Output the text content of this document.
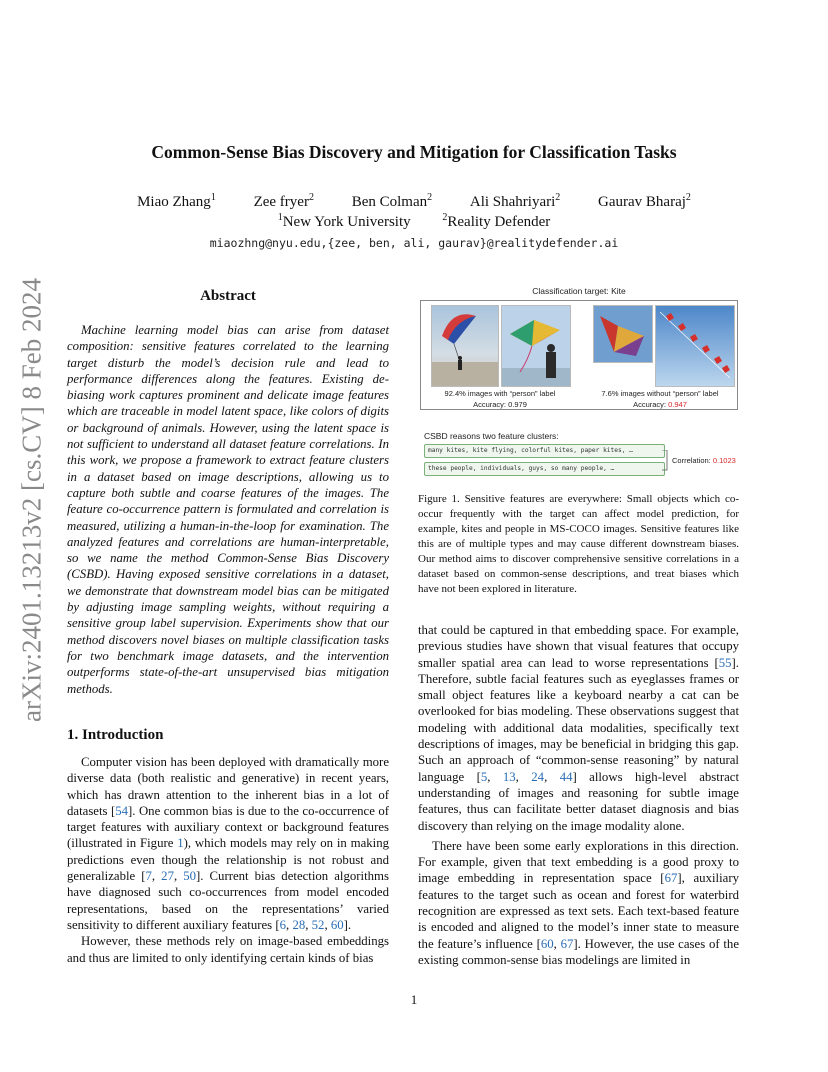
Common-Sense Bias Discovery and Mitigation for Classification Tasks
Miao Zhang$^1$	Zee fryer$^2$	Ben Colman$^2$	Ali Shahriyari$^2$	Gaurav Bharaj$^2$
$^1$New York University	$^2$Reality Defender
miaozhng@nyu.edu,{zee, ben, ali, gaurav}@realitydefender.ai
arXiv:2401.13213v2 [cs.CV] 8 Feb 2024	Abstract
Machine learning model bias can arise from dataset composition: sensitive features correlated to the learning target disturb the model’s decision rule and lead to performance differences along the features. Existing de-biasing work captures prominent and delicate image features which are traceable in model latent space, like colors of digits or background of animals. However, using the latent space is not sufficient to understand all dataset feature correlations. In this work, we propose a framework to extract feature clusters in a dataset based on image descriptions, allowing us to capture both subtle and coarse features of the images. The feature co-occurrence pattern is formulated and correlation is measured, utilizing a human-in-the-loop for examination. The analyzed features and correlations are human-interpretable, so we name the method Common-Sense Bias Discovery (CSBD). Having exposed sensitive correlations in a dataset, we demonstrate that downstream model bias can be mitigated by adjusting image sampling weights, without requiring a sensitive group label supervision. Experiments show that our method discovers novel biases on multiple classification tasks for two benchmark image datasets, and the intervention outperforms state-of-the-art unsupervised bias mitigation methods.
1. Introduction

Computer vision has been deployed with dramatically more diverse data (both realistic and generative) in recent years, which has drawn attention to the inherent bias in a lot of datasets [54]. One common bias is due to the co-occurrence of target features with auxiliary context or background features (illustrated in Figure 1), which models may rely on in making predictions even though the relationship is not robust and generalizable [7, 27, 50]. Current bias detection algorithms have diagnosed such co-occurrences from model encoded representations, based on the representations’ varied sensitivity to different auxiliary features [6, 28, 52, 60].

However, these methods rely on image-based embeddings and thus are limited to only identifying certain kinds of bias

Classification target: Kite
92.4% images with “person” label
Accuracy: 0.979
7.6% images without “person” label
Accuracy: 0.947
CSBD reasons two feature clusters:
many kites, kite flying, colorful kites, paper kites, …
these people, individuals, guys, so many people, …
Correlation: 0.1023
Figure 1. Sensitive features are everywhere: Small objects which co-occur frequently with the target can affect model prediction, for example, kites and people in MS-COCO images. Sensitive features like this are of multiple types and may cause different downstream biases. Our method aims to discover comprehensive sensitive correlations in a dataset based on common-sense descriptions, and treat biases which have not been explored in literature.

that could be captured in that embedding space. For example, previous studies have shown that visual features that occupy smaller spatial area can lead to worse representations [55]. Therefore, subtle facial features such as eyeglasses frames or small object features like a keyboard nearby a cat can be overlooked for bias modeling. These observations suggest that modeling with additional data modalities, specifically text descriptions of images, may be beneficial in bridging this gap. Such an approach of “common-sense reasoning” by natural language [5, 13, 24, 44] allows high-level abstract understanding of images and reasoning for subtle image features, thus can facilitate better dataset diagnosis and bias discovery than relying on the image modality alone.

There have been some early explorations in this direction. For example, given that text embedding is a good proxy to image embedding in representation space [67], auxiliary features to the target such as ocean and forest for waterbird recognition are expressed as text sets. Each text-based feature is encoded and aligned to the model’s inner state to measure the feature’s influence [60, 67]. However, the use cases of the existing common-sense bias modelings are limited in

1
